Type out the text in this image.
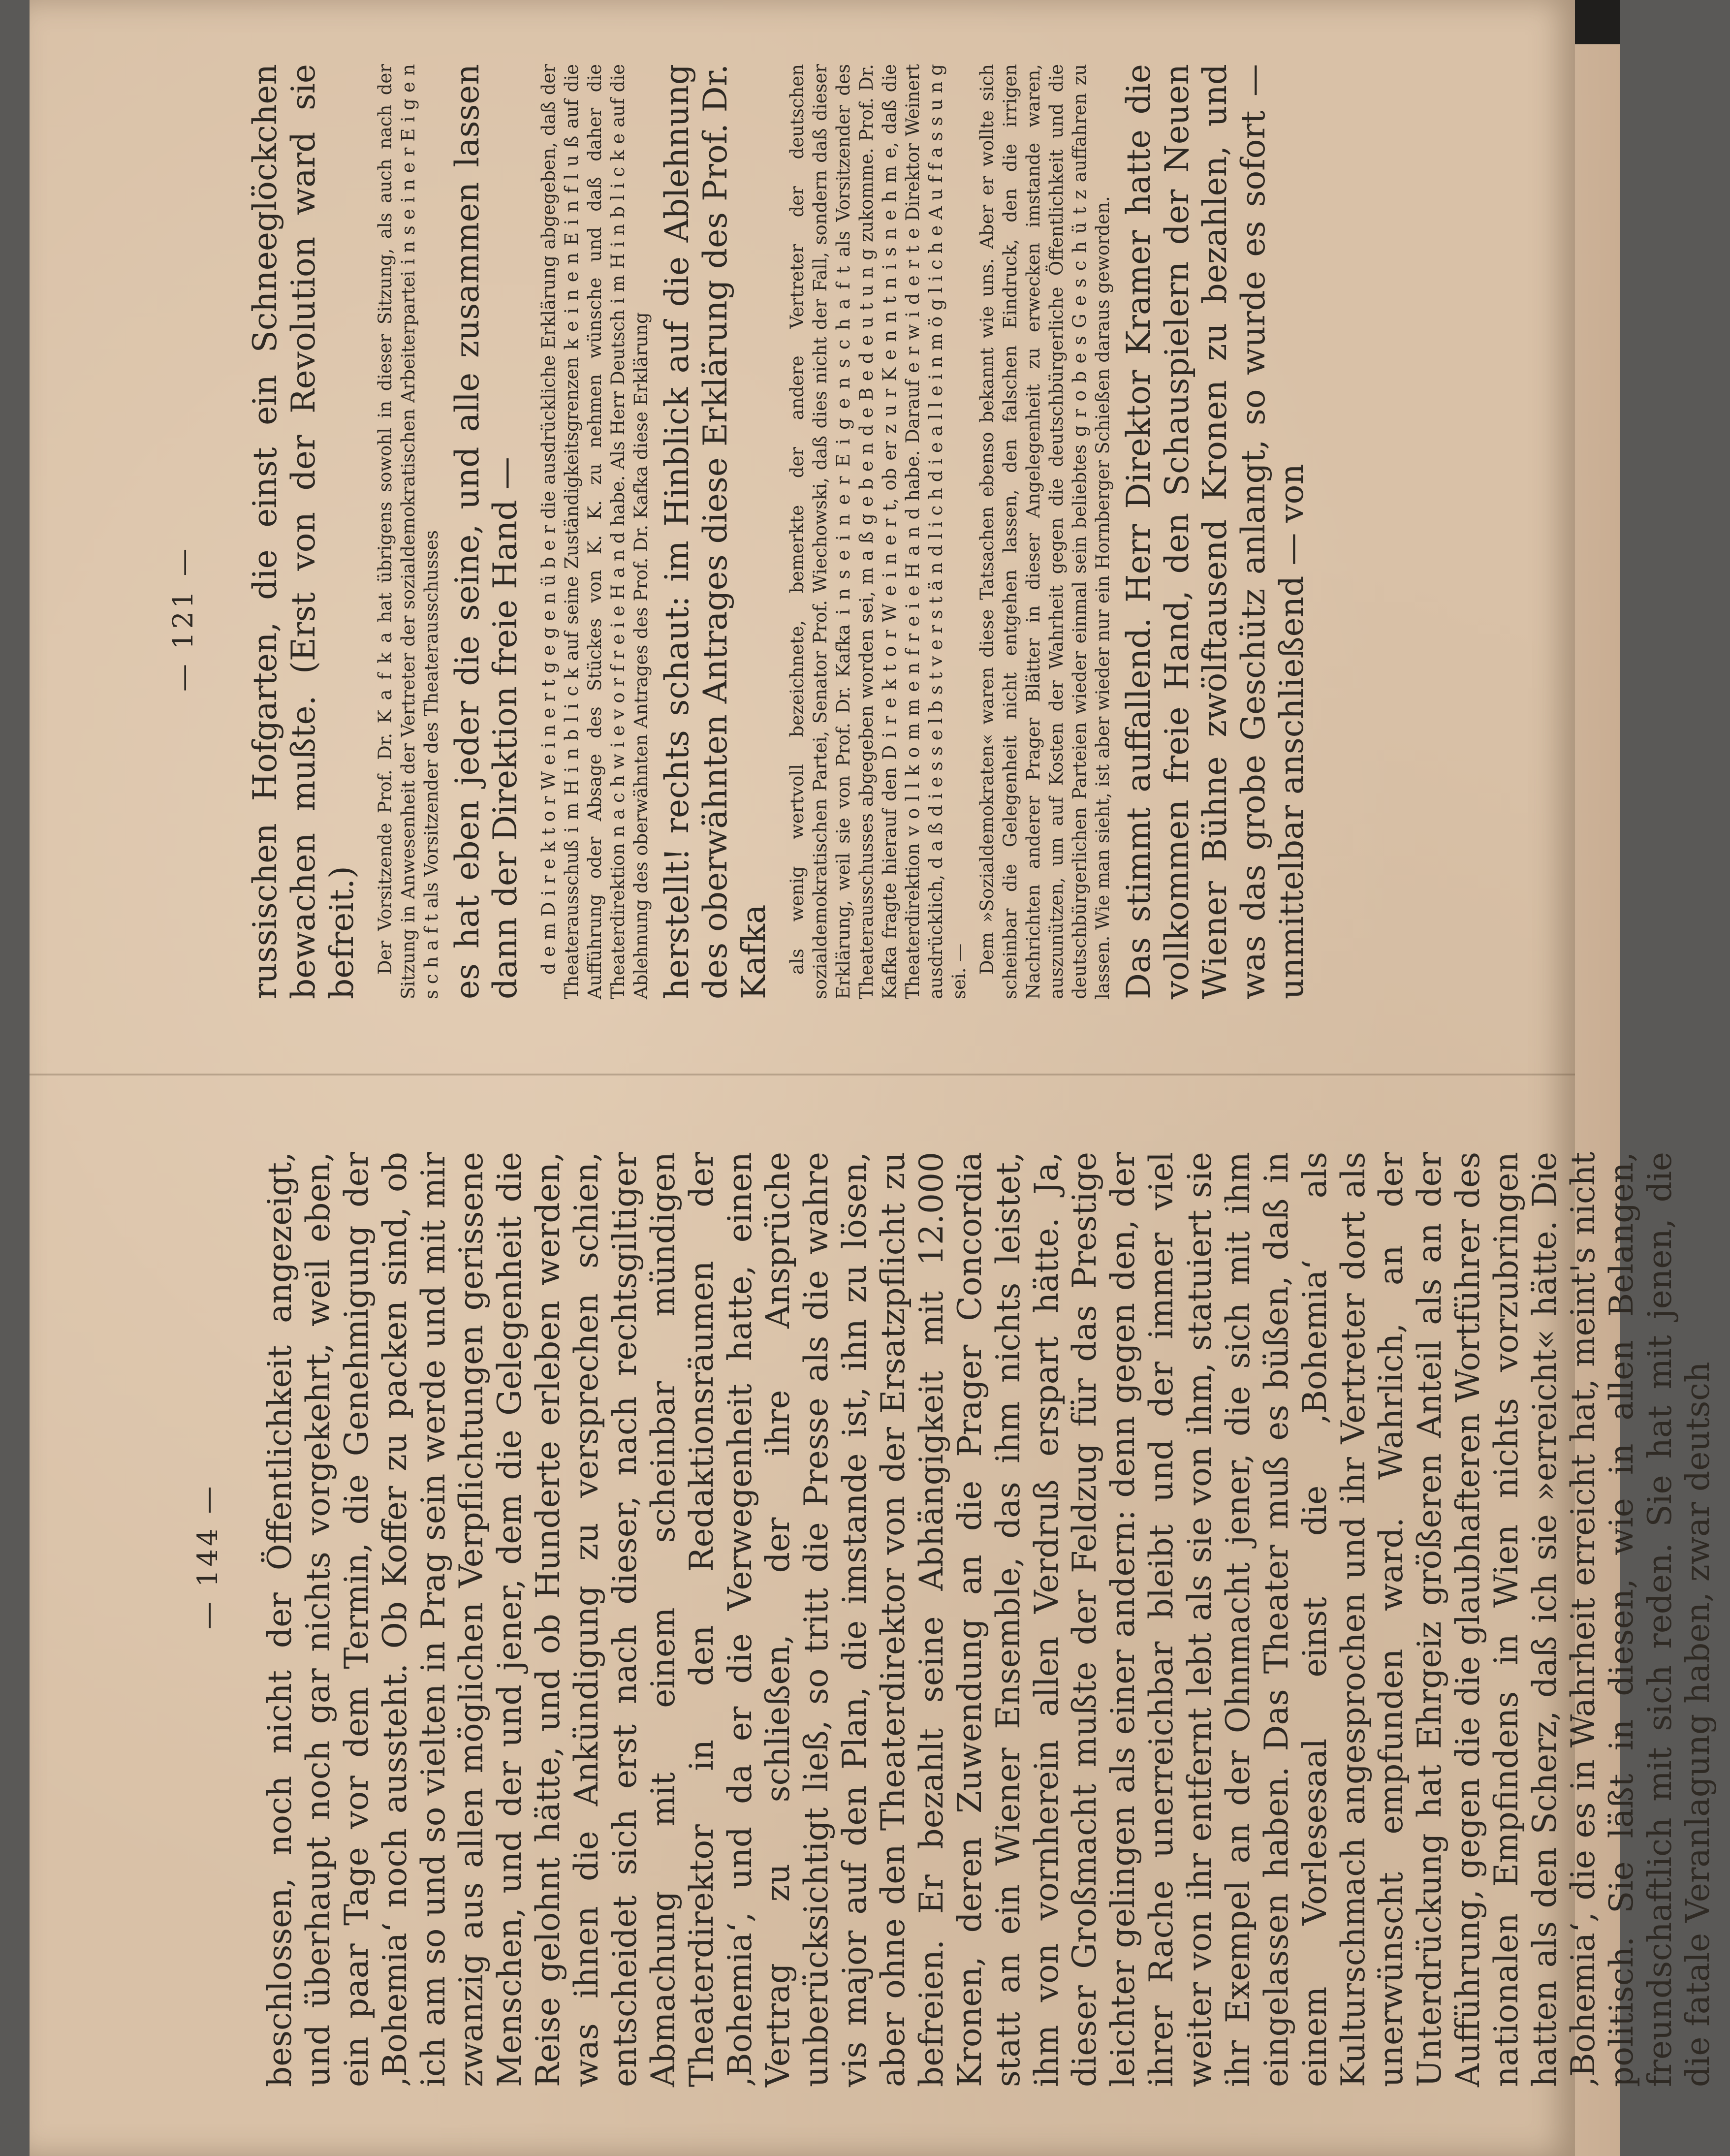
— 144 — beschlossen, noch nicht der Öffentlichkeit angezeigt, und überhaupt noch gar nichts vorgekehrt, weil eben, ein paar Tage vor dem Termin, die Genehmigung der ‚Bohemia‘ noch aussteht. Ob Koffer zu packen sind, ob ich am so und so vielten in Prag sein werde und mit mir zwanzig aus allen möglichen Verpflichtungen gerissene Menschen, und der und jener, dem die Gelegenheit die Reise gelohnt hätte, und ob Hunderte erleben werden, was ihnen die Ankündigung zu versprechen schien, entscheidet sich erst nach dieser, nach rechtsgiltiger Abmachung mit einem scheinbar mündigen Theaterdirektor in den Redaktionsräumen der ‚Bohemia‘, und da er die Verwegenheit hatte, einen Vertrag zu schließen, der ihre Ansprüche unberücksichtigt ließ, so tritt die Presse als die wahre vis major auf den Plan, die imstande ist, ihn zu lösen, aber ohne den Theaterdirektor von der Ersatzpflicht zu befreien. Er bezahlt seine Abhängigkeit mit 12.000 Kronen, deren Zuwendung an die Prager Concordia statt an ein Wiener Ensemble, das ihm nichts leistet, ihm von vornherein allen Verdruß erspart hätte. Ja, dieser Großmacht mußte der Feldzug für das Prestige leichter gelingen als einer andern: denn gegen den, der ihrer Rache unerreichbar bleibt und der immer viel weiter von ihr entfernt lebt als sie von ihm, statuiert sie ihr Exempel an der Ohnmacht jener, die sich mit ihm eingelassen haben. Das Theater muß es büßen, daß in einem Vorlesesaal einst die ‚Bohemia‘ als Kulturschmach angesprochen und ihr Vertreter dort als unerwünscht empfunden ward. Wahrlich, an der Unterdrückung hat Ehrgeiz größeren Anteil als an der Aufführung, gegen die die glaubhafteren Wortführer des nationalen Empfindens in Wien nichts vorzubringen hatten als den Scherz, daß ich sie »erreicht« hätte. Die ‚Bohemia‘, die es in Wahrheit erreicht hat, meint's nicht politisch. Sie läßt in diesen, wie in allen Belangen, freundschaftlich mit sich reden. Sie hat mit jenen, die die fatale Veranlagung haben, zwar deutsch

— 121 — russischen Hofgarten, die einst ein Schneeglöckchen bewachen mußte. (Erst von der Revolution ward sie befreit.) Der Vorsitzende Prof. Dr. K a f k a hat übrigens sowohl in dieser Sitzung, als auch nach der Sitzung in Anwesenheit der Vertreter der sozialdemokratischen Arbeiterpartei i n s e i n e r E i g e n s c h a f t als Vorsitzender des Theaterausschusses es hat eben jeder die seine, und alle zusammen lassen dann der Direktion freie Hand — d e m D i r e k t o r W e i n e r t g e g e n ü b e r die ausdrückliche Erklärung abgegeben, daß der Theaterausschuß i m H i n b l i c k auf seine Zuständigkeitsgrenzen k e i n e n E i n f l u ß auf die Aufführung oder Absage des Stückes von K. K. zu nehmen wünsche und daß daher die Theaterdirektion n a c h w i e v o r f r e i e H a n d habe. Als Herr Deutsch i m H i n b l i c k e auf die Ablehnung des oberwähnten Antrages des Prof. Dr. Kafka diese Erklärung herstellt! rechts schaut: im Hinblick auf die Ablehnung des oberwähnten Antrages diese Erklärung des Prof. Dr. Kafka als wenig wertvoll bezeichnete, bemerkte der andere Vertreter der deutschen sozialdemokratischen Partei, Senator Prof. Wiechowski, daß dies nicht der Fall, sondern daß dieser Erklärung, weil sie von Prof. Dr. Kafka i n s e i n e r E i g e n s c h a f t als Vorsitzender des Theaterausschusses abgegeben worden sei, m a ß g e b e n d e B e d e u t u n g zukomme. Prof. Dr. Kafka fragte hierauf den D i r e k t o r W e i n e r t, ob er z u r K e n n t n i s n e h m e, daß die Theaterdirektion v o l l k o m m e n f r e i e H a n d habe. Darauf e r w i d e r t e Direktor Weinert ausdrücklich, d a ß d i e s s e l b s t v e r s t ä n d l i c h d i e a l l e i n m ö g l i c h e A u f f a s s u n g sei. — Dem »Sozialdemokraten« waren diese Tatsachen ebenso bekannt wie uns. Aber er wollte sich scheinbar die Gelegenheit nicht entgehen lassen, den falschen Eindruck, den die irrigen Nachrichten anderer Prager Blätter in dieser Angelegenheit zu erwecken imstande waren, auszunützen, um auf Kosten der Wahrheit gegen die deutschbürgerliche Öffentlichkeit und die deutschbürgerlichen Parteien wieder einmal sein beliebtes g r o b e s G e s c h ü t z auffahren zu lassen. Wie man sieht, ist aber wieder nur ein Hornberger Schießen daraus geworden. Das stimmt auffallend. Herr Direktor Kramer hatte die vollkommen freie Hand, den Schauspielern der Neuen Wiener Bühne zwölftausend Kronen zu bezahlen, und was das grobe Geschütz anlangt, so wurde es sofort — unmittelbar anschließend — von
